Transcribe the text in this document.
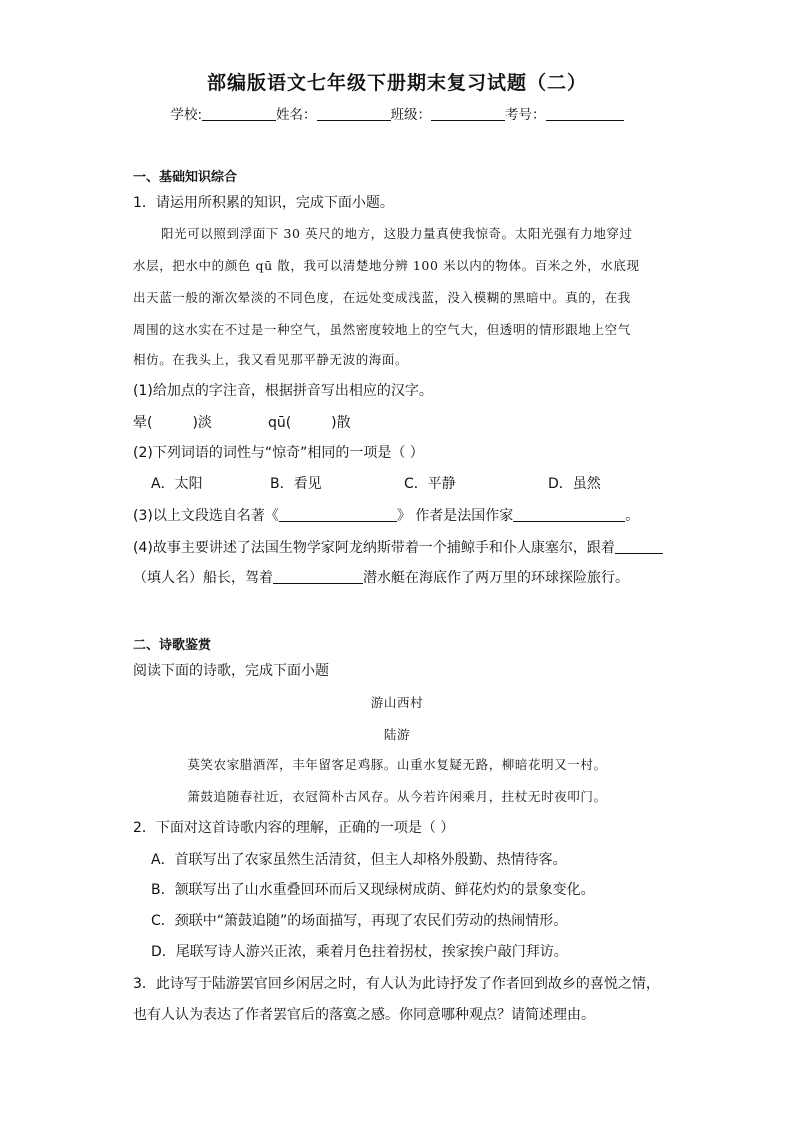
部编版语文七年级下册期末复习试题（二）
学校:	姓名：	班级：	考号：
一、基础知识综合
1．请运用所积累的知识，完成下面小题。
阳光可以照到浮面下 30 英尺的地方，这股力量真使我惊奇。太阳光强有力地穿过
水层，把水中的颜色 qū 散，我可以清楚地分辨 100 米以内的物体。百米之外，水底现
出天蓝一般的渐次晕淡的不同色度，在远处变成浅蓝，没入模糊的黑暗中。真的，在我
周围的这水实在不过是一种空气，虽然密度较地上的空气大，但透明的情形跟地上空气
相仿。在我头上，我又看见那平静无波的海面。
(1)给加点的字注音，根据拼音写出相应的汉字。
晕(	)淡	qū(	)散
(2)下列词语的词性与“惊奇”相同的一项是（ ）
A．太阳	B．看见	C．平静	D．虽然
(3)以上文段选自名著《	》 作者是法国作家	。
(4)故事主要讲述了法国生物学家阿龙纳斯带着一个捕鲸手和仆人康塞尔，跟着
（填人名）船长，驾着	潜水艇在海底作了两万里的环球探险旅行。
二、诗歌鉴赏
阅读下面的诗歌，完成下面小题
游山西村
陆游
莫笑农家腊酒浑，丰年留客足鸡豚。山重水复疑无路，柳暗花明又一村。
箫鼓追随春社近，衣冠简朴古风存。从今若许闲乘月，拄杖无时夜叩门。
2．下面对这首诗歌内容的理解，正确的一项是（ ）
A．首联写出了农家虽然生活清贫，但主人却格外殷勤、热情待客。
B．颔联写出了山水重叠回环而后又现绿树成荫、鲜花灼灼的景象变化。
C．颈联中“箫鼓追随”的场面描写，再现了农民们劳动的热闹情形。
D．尾联写诗人游兴正浓，乘着月色拄着拐杖，挨家挨户敲门拜访。
3．此诗写于陆游罢官回乡闲居之时，有人认为此诗抒发了作者回到故乡的喜悦之情，
也有人认为表达了作者罢官后的落寞之感。你同意哪种观点？请简述理由。
